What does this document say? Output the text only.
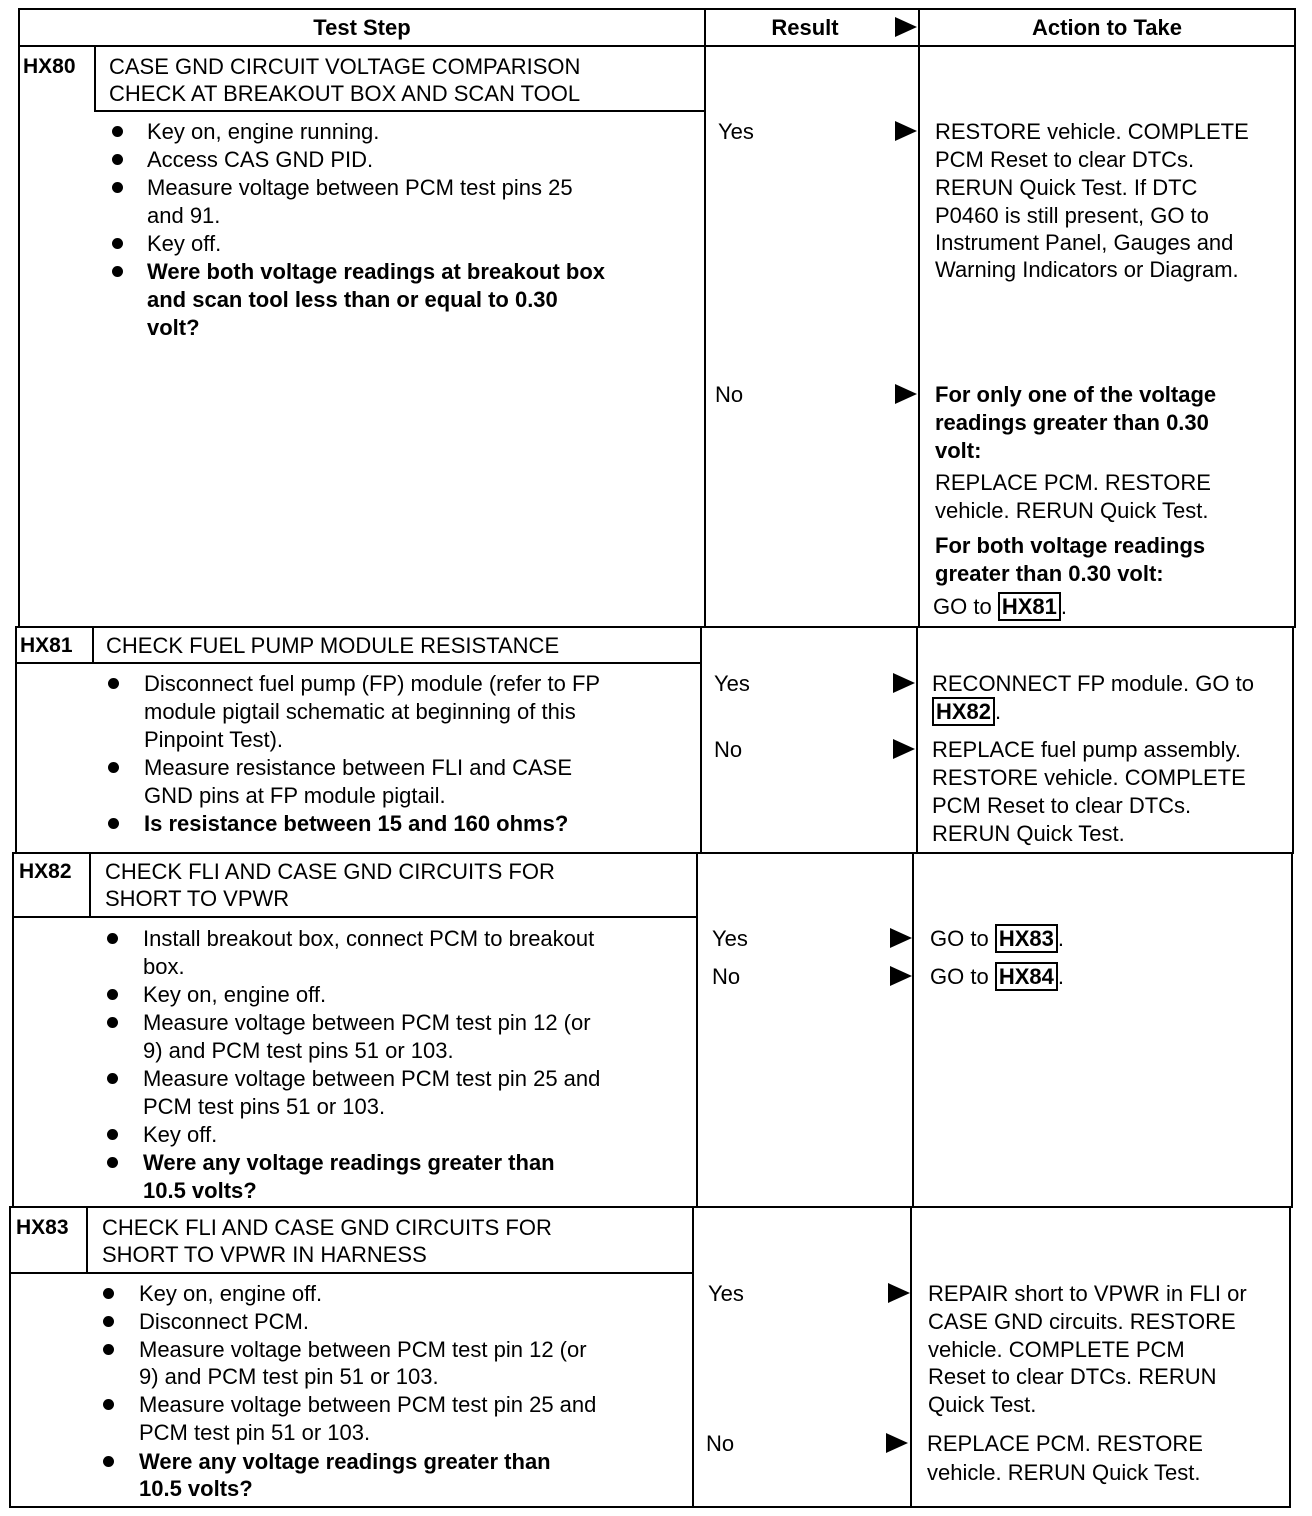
Test Step	Result	Action to Take
HX80 CASE GND CIRCUIT VOLTAGE COMPARISON
CHECK AT BREAKOUT BOX AND SCAN TOOL
Key on, engine running.
Access CAS GND PID.
Measure voltage between PCM test pins 25
and 91.
Key off.
Were both voltage readings at breakout box
and scan tool less than or equal to 0.30
volt?
Yes	RESTORE vehicle. COMPLETE
PCM Reset to clear DTCs.
RERUN Quick Test. If DTC
P0460 is still present, GO to
Instrument Panel, Gauges and
Warning Indicators or Diagram.
No	For only one of the voltage
readings greater than 0.30
volt:
REPLACE PCM. RESTORE
vehicle. RERUN Quick Test.
For both voltage readings
greater than 0.30 volt:
GO to HX81 .
HX81 CHECK FUEL PUMP MODULE RESISTANCE
Disconnect fuel pump (FP) module (refer to FP
module pigtail schematic at beginning of this
Pinpoint Test).
Measure resistance between FLI and CASE
GND pins at FP module pigtail.
Is resistance between 15 and 160 ohms?
Yes	RECONNECT FP module. GO to
HX82 .
No	REPLACE fuel pump assembly.
RESTORE vehicle. COMPLETE
PCM Reset to clear DTCs.
RERUN Quick Test.
HX82 CHECK FLI AND CASE GND CIRCUITS FOR
SHORT TO VPWR
Install breakout box, connect PCM to breakout
box.
Key on, engine off.
Measure voltage between PCM test pin 12 (or
9) and PCM test pins 51 or 103.
Measure voltage between PCM test pin 25 and
PCM test pins 51 or 103.
Key off.
Were any voltage readings greater than
10.5 volts?
Yes	GO to HX83 .
No	GO to HX84 .
HX83 CHECK FLI AND CASE GND CIRCUITS FOR
SHORT TO VPWR IN HARNESS
Key on, engine off.
Disconnect PCM.
Measure voltage between PCM test pin 12 (or
9) and PCM test pin 51 or 103.
Measure voltage between PCM test pin 25 and
PCM test pin 51 or 103.
Were any voltage readings greater than
10.5 volts?
Yes	REPAIR short to VPWR in FLI or
CASE GND circuits. RESTORE
vehicle. COMPLETE PCM
Reset to clear DTCs. RERUN
Quick Test.
No	REPLACE PCM. RESTORE
vehicle. RERUN Quick Test.
